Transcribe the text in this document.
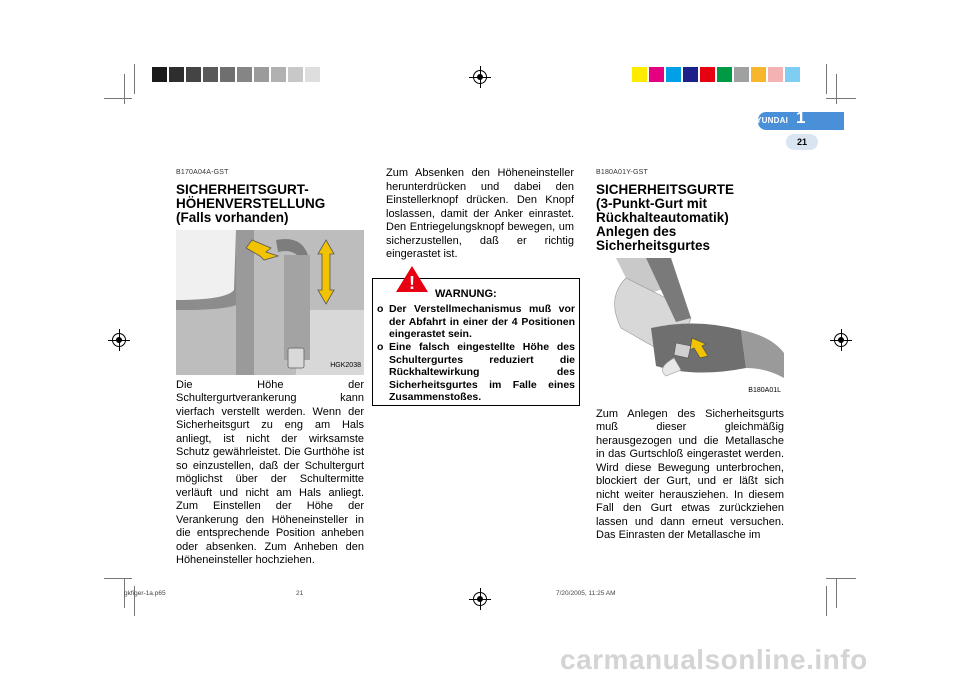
EIGENSCHAFTEN DES HYUNDAI 1
21
B170A04A-GST
SICHERHEITSGURT-
HÖHENVERSTELLUNG
(Falls vorhanden)
HGK2038

Die Höhe der Schultergurtverankerung kann vierfach verstellt werden. Wenn der Sicherheitsgurt zu eng am Hals anliegt, ist nicht der wirksamste Schutz gewährleistet. Die Gurthöhe ist so einzustellen, daß der Schultergurt möglichst über der Schultermitte verläuft und nicht am Hals anliegt. Zum Einstellen der Höhe der Verankerung den Höheneinsteller in die entsprechende Position anheben oder absenken. Zum Anheben den Höheneinsteller hochziehen.

Zum Absenken den Höheneinsteller herunterdrücken und dabei den Einstellerknopf drücken. Den Knopf loslassen, damit der Anker einrastet. Den Entriegelungsknopf bewegen, um sicherzustellen, daß er richtig eingerastet ist.
!
WARNUNG:
o Der Verstellmechanismus muß vor der Abfahrt in einer der 4 Positionen eingerastet sein.
o Eine falsch eingestellte Höhe des Schultergurtes reduziert die Rückhaltewirkung des Sicherheitsgurtes im Falle eines Zusammenstoßes.
B180A01Y-GST
SICHERHEITSGURTE
(3-Punkt-Gurt mit
Rückhalteautomatik)
Anlegen des Sicherheitsgurtes
B180A01L

Zum Anlegen des Sicherheitsgurts muß dieser gleichmäßig herausgezogen und die Metallasche in das Gurtschloß eingerastet werden. Wird diese Bewegung unterbrochen, blockiert der Gurt, und er läßt sich nicht weiter herausziehen. In diesem Fall den Gurt etwas zurückziehen lassen und dann erneut versuchen. Das Einrasten der Metallasche im

gkfiger-1a.p65	21	7/20/2005, 11:25 AM
carmanualsonline.info
